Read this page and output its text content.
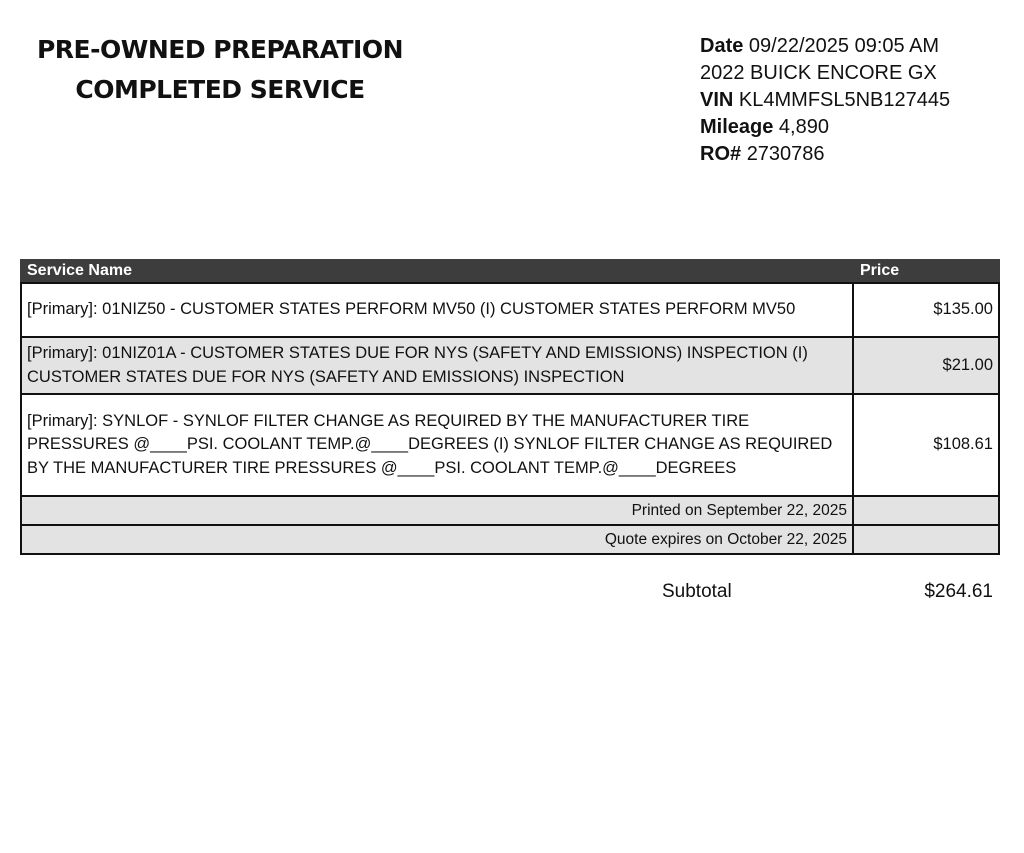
PRE-OWNED PREPARATION
COMPLETED SERVICE
Date 09/22/2025 09:05 AM
2022 BUICK ENCORE GX
VIN KL4MMFSL5NB127445
Mileage 4,890
RO# 2730786
Service Name	Price
[Primary]: 01NIZ50 - CUSTOMER STATES PERFORM MV50 (I) CUSTOMER STATES PERFORM MV50	$135.00
[Primary]: 01NIZ01A - CUSTOMER STATES DUE FOR NYS (SAFETY AND EMISSIONS) INSPECTION (I) CUSTOMER STATES DUE FOR NYS (SAFETY AND EMISSIONS) INSPECTION	$21.00
[Primary]: SYNLOF - SYNLOF FILTER CHANGE AS REQUIRED BY THE MANUFACTURER TIRE PRESSURES @____PSI. COOLANT TEMP.@____DEGREES (I) SYNLOF FILTER CHANGE AS REQUIRED BY THE MANUFACTURER TIRE PRESSURES @____PSI. COOLANT TEMP.@____DEGREES	$108.61
Printed on September 22, 2025	
Quote expires on October 22, 2025	
Subtotal	$264.61
